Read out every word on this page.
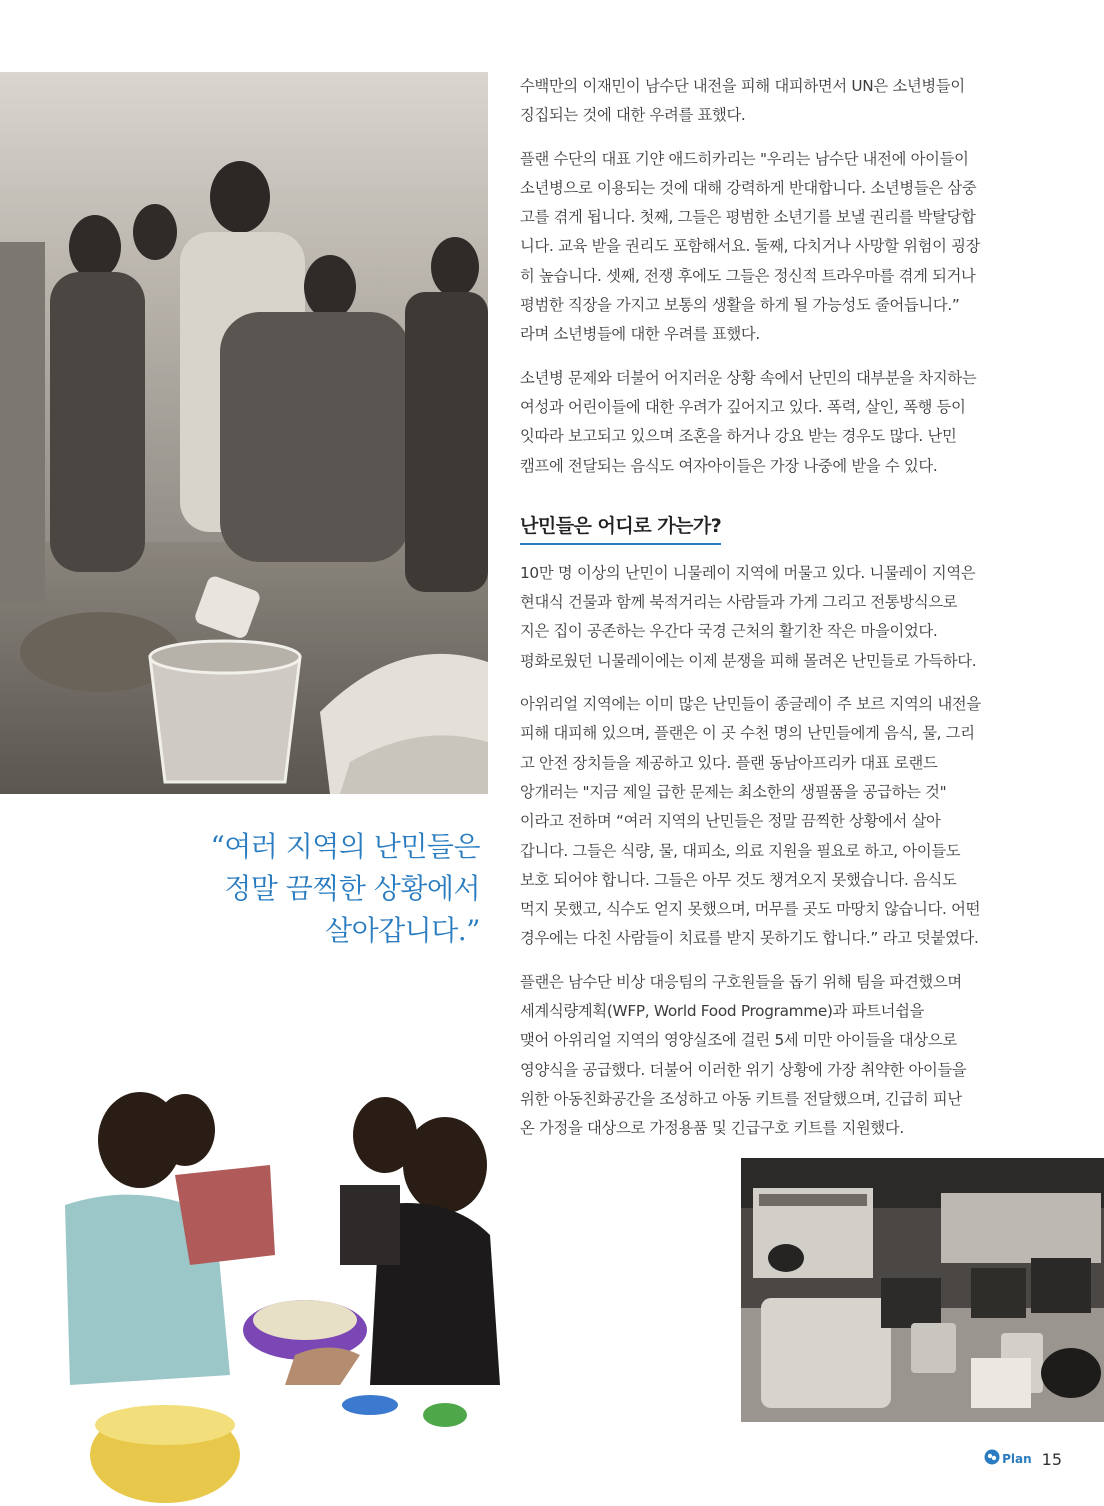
“여러 지역의 난민들은
정말 끔찍한 상황에서
살아갑니다.”

수백만의 이재민이 남수단 내전을 피해 대피하면서 UN은 소년병들이
징집되는 것에 대한 우려를 표했다.

플랜 수단의 대표 기얀 애드히카리는 "우리는 남수단 내전에 아이들이
소년병으로 이용되는 것에 대해 강력하게 반대합니다. 소년병들은 삼중
고를 겪게 됩니다. 첫째, 그들은 평범한 소년기를 보낼 권리를 박탈당합
니다. 교육 받을 권리도 포함해서요. 둘째, 다치거나 사망할 위험이 굉장
히 높습니다. 셋째, 전쟁 후에도 그들은 정신적 트라우마를 겪게 되거나
평범한 직장을 가지고 보통의 생활을 하게 될 가능성도 줄어듭니다.”
라며 소년병들에 대한 우려를 표했다.

소년병 문제와 더불어 어지러운 상황 속에서 난민의 대부분을 차지하는
여성과 어린이들에 대한 우려가 깊어지고 있다. 폭력, 살인, 폭행 등이
잇따라 보고되고 있으며 조혼을 하거나 강요 받는 경우도 많다. 난민
캠프에 전달되는 음식도 여자아이들은 가장 나중에 받을 수 있다.

난민들은 어디로 가는가?

10만 명 이상의 난민이 니물레이 지역에 머물고 있다. 니물레이 지역은
현대식 건물과 함께 북적거리는 사람들과 가게 그리고 전통방식으로
지은 집이 공존하는 우간다 국경 근처의 활기찬 작은 마을이었다.
평화로웠던 니물레이에는 이제 분쟁을 피해 몰려온 난민들로 가득하다.

아위리얼 지역에는 이미 많은 난민들이 종글레이 주 보르 지역의 내전을
피해 대피해 있으며, 플랜은 이 곳 수천 명의 난민들에게 음식, 물, 그리
고 안전 장치들을 제공하고 있다. 플랜 동남아프리카 대표 로랜드
앙개러는 "지금 제일 급한 문제는 최소한의 생필품을 공급하는 것"
이라고 전하며 “여러 지역의 난민들은 정말 끔찍한 상황에서 살아
갑니다. 그들은 식량, 물, 대피소, 의료 지원을 필요로 하고, 아이들도
보호 되어야 합니다. 그들은 아무 것도 챙겨오지 못했습니다. 음식도
먹지 못했고, 식수도 얻지 못했으며, 머무를 곳도 마땅치 않습니다. 어떤
경우에는 다친 사람들이 치료를 받지 못하기도 합니다.” 라고 덧붙였다.

플랜은 남수단 비상 대응팀의 구호원들을 돕기 위해 팀을 파견했으며
세계식량계획(WFP, World Food Programme)과 파트너쉽을
맺어 아위리얼 지역의 영양실조에 걸린 5세 미만 아이들을 대상으로
영양식을 공급했다. 더불어 이러한 위기 상황에 가장 취약한 아이들을
위한 아동친화공간을 조성하고 아동 키트를 전달했으며, 긴급히 피난
온 가정을 대상으로 가정용품 및 긴급구호 키트를 지원했다.

Plan 15
